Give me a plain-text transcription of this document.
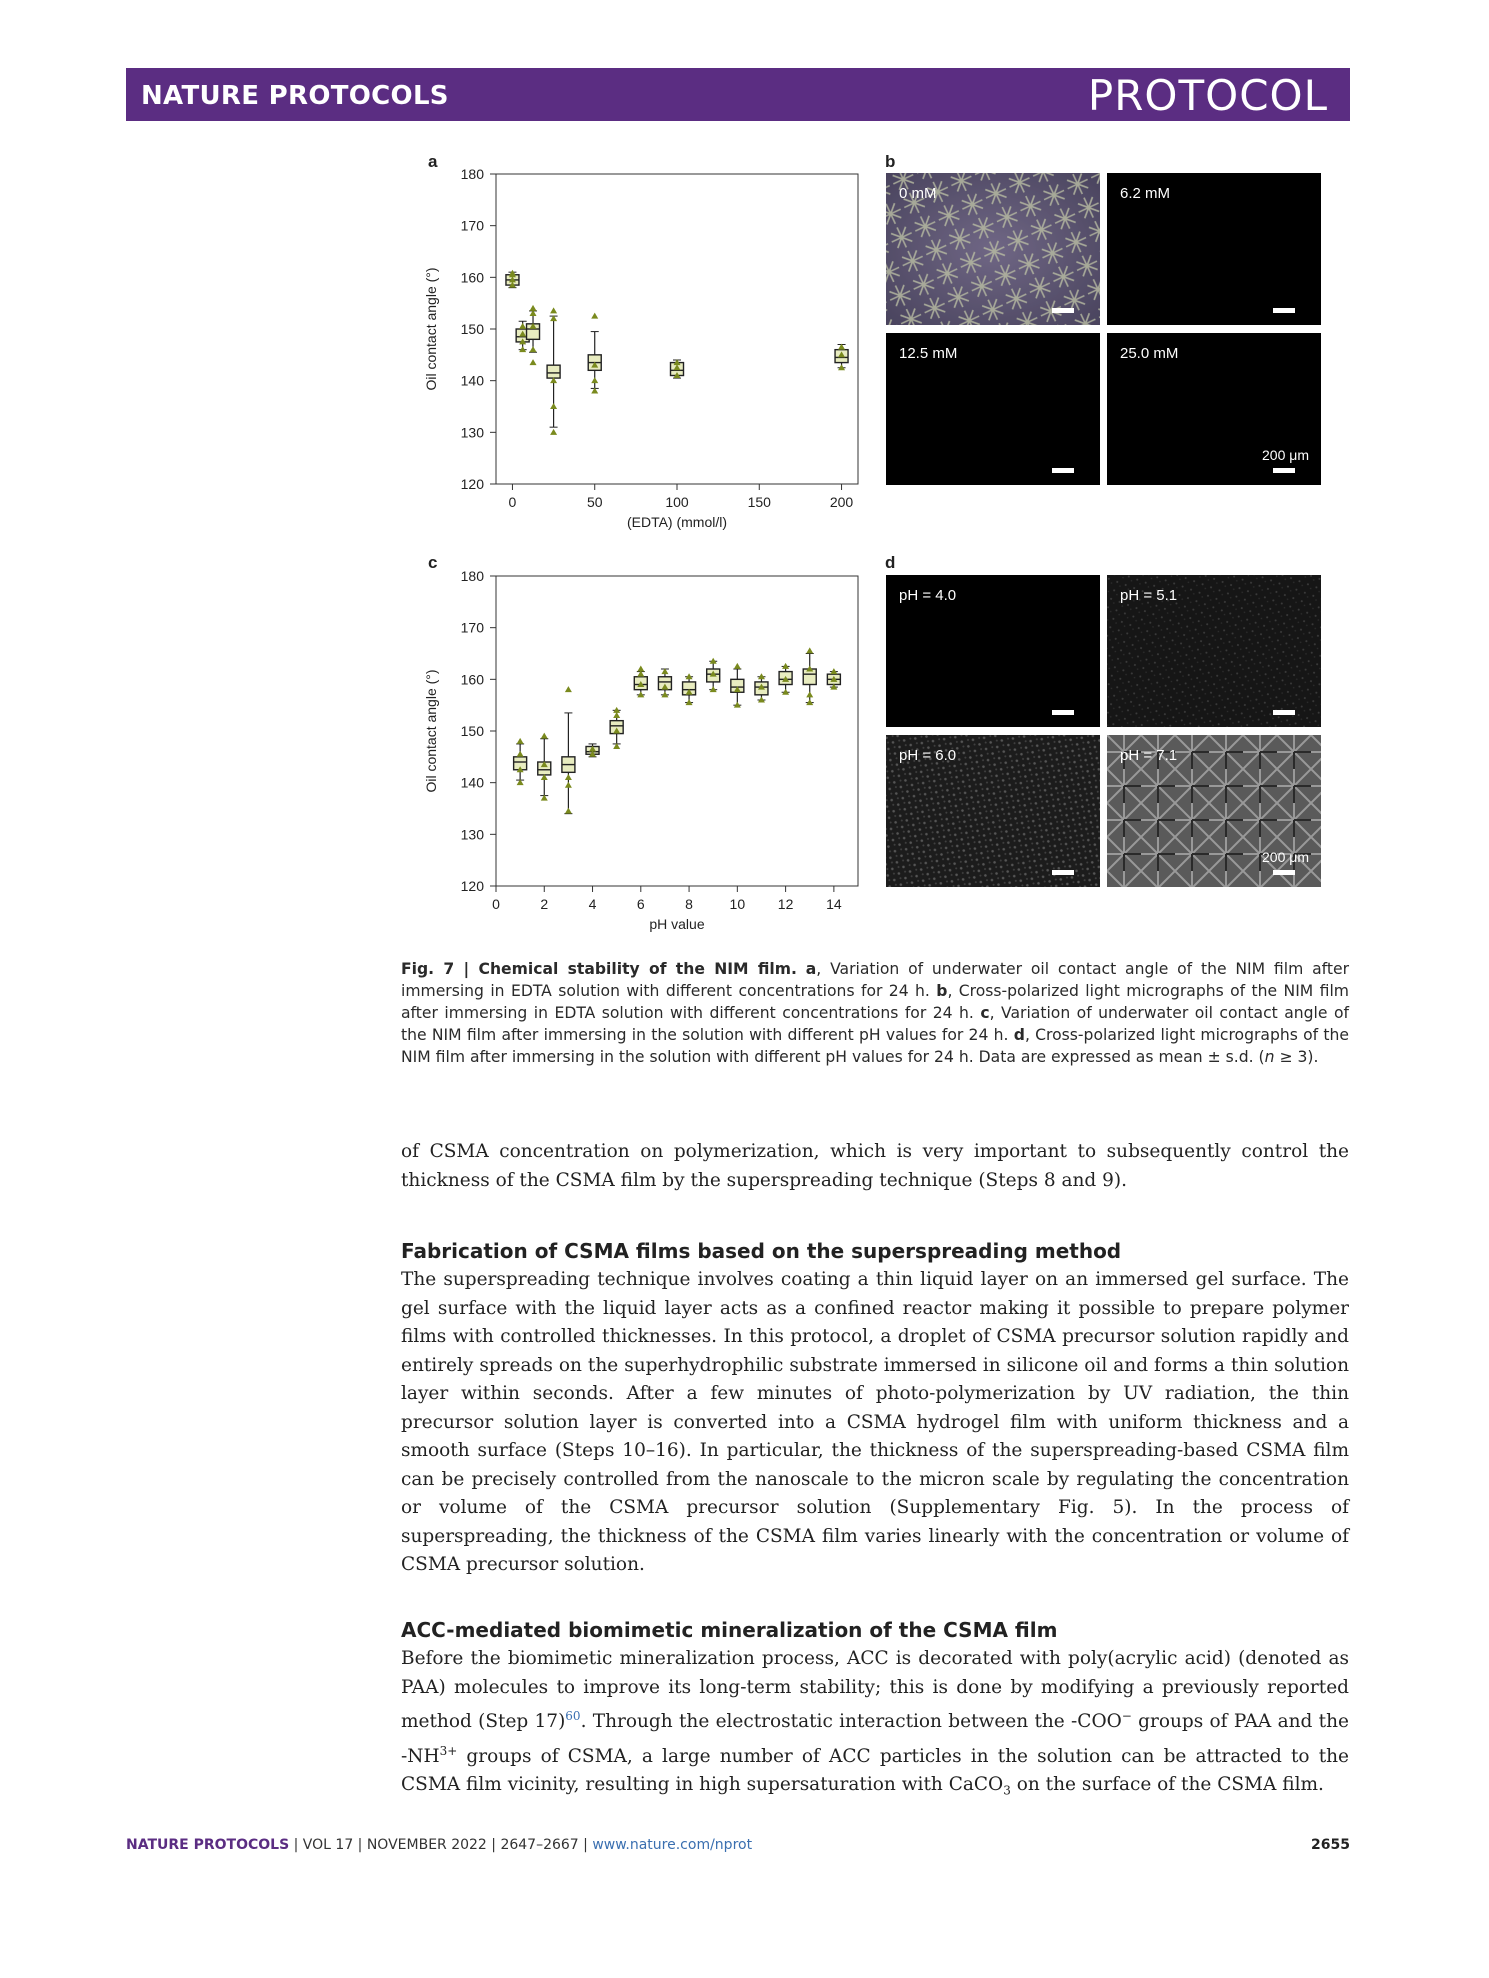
NATURE PROTOCOLS	PROTOCOL
a	b
c	d
120
130
140
150
160
170
180
0	50	100	150	200
(EDTA) (mmol/l)
Oil contact angle (°)
120
130
140
150
160
170
180
0	2	4	6	8	10 12 14
pH value
Oil contact angle (°)
0 mM	6.2 mM
12.5 mM	25.0 mM
200 μm
pH = 4.0	pH = 5.1
pH = 6.0	pH = 7.1
200 μm
Fig. 7 | Chemical stability of the NIM film. a, Variation of underwater oil contact angle of the NIM film after immersing in EDTA solution with different concentrations for 24 h. b, Cross-polarized light micrographs of the NIM film after immersing in EDTA solution with different concentrations for 24 h. c, Variation of underwater oil contact angle of the NIM film after immersing in the solution with different pH values for 24 h. d, Cross-polarized light micrographs of the NIM film after immersing in the solution with different pH values for 24 h. Data are expressed as mean ± s.d. (n ≥ 3).
of CSMA concentration on polymerization, which is very important to subsequently control the thickness of the CSMA film by the superspreading technique (Steps 8 and 9).
Fabrication of CSMA films based on the superspreading method
The superspreading technique involves coating a thin liquid layer on an immersed gel surface. The gel surface with the liquid layer acts as a confined reactor making it possible to prepare polymer films with controlled thicknesses. In this protocol, a droplet of CSMA precursor solution rapidly and entirely spreads on the superhydrophilic substrate immersed in silicone oil and forms a thin solution layer within seconds. After a few minutes of photo-polymerization by UV radiation, the thin precursor solution layer is converted into a CSMA hydrogel film with uniform thickness and a smooth surface (Steps 10–16). In particular, the thickness of the superspreading-based CSMA film can be precisely controlled from the nanoscale to the micron scale by regulating the concentration or volume of the CSMA precursor solution (Supplementary Fig. 5). In the process of superspreading, the thickness of the CSMA film varies linearly with the concentration or volume of CSMA precursor solution.
ACC-mediated biomimetic mineralization of the CSMA film
Before the biomimetic mineralization process, ACC is decorated with poly(acrylic acid) (denoted as PAA) molecules to improve its long-term stability; this is done by modifying a previously reported method (Step 17)$^{60}$. Through the electrostatic interaction between the -COO− groups of PAA and the $-NH^{3+}$ groups of CSMA, a large number of ACC particles in the solution can be attracted to the CSMA film vicinity, resulting in high supersaturation with CaCO$_3$ on the surface of the CSMA film.
NATURE PROTOCOLS | VOL 17 | NOVEMBER 2022 | 2647–2667 | www.nature.com/nprot	2655
